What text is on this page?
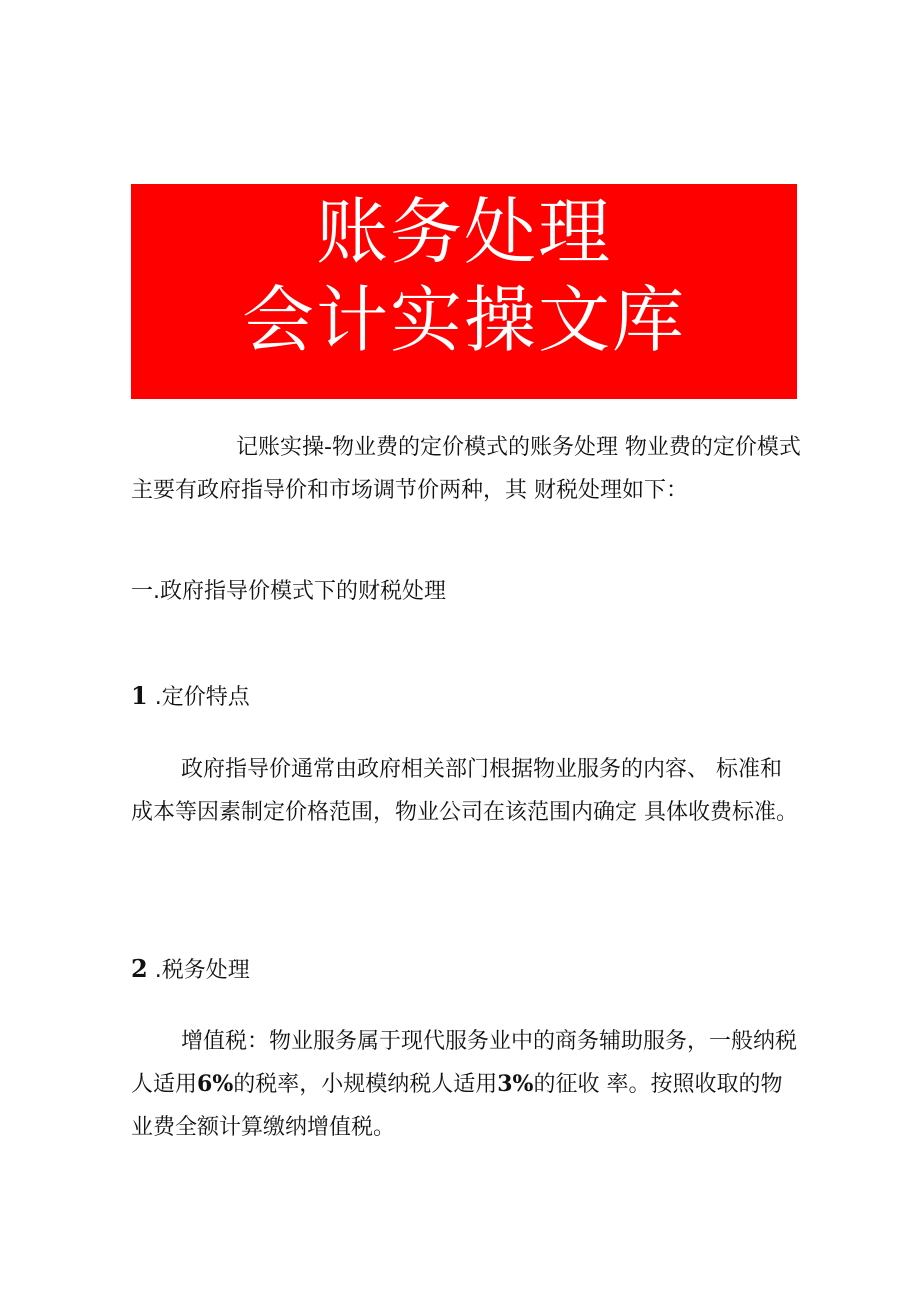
账务处理
会计实操文库

记账实操-物业费的定价模式的账务处理 物业费的定价模式主要有政府指导价和市场调节价两种，其 财税处理如下：

一.政府指导价模式下的财税处理

1 .定价特点

政府指导价通常由政府相关部门根据物业服务的内容、 标准和成本等因素制定价格范围，物业公司在该范围内确定 具体收费标准。

2 .税务处理

增值税：物业服务属于现代服务业中的商务辅助服务，一般纳税人适用6%的税率，小规模纳税人适用3%的征收 率。按照收取的物业费全额计算缴纳增值税。
